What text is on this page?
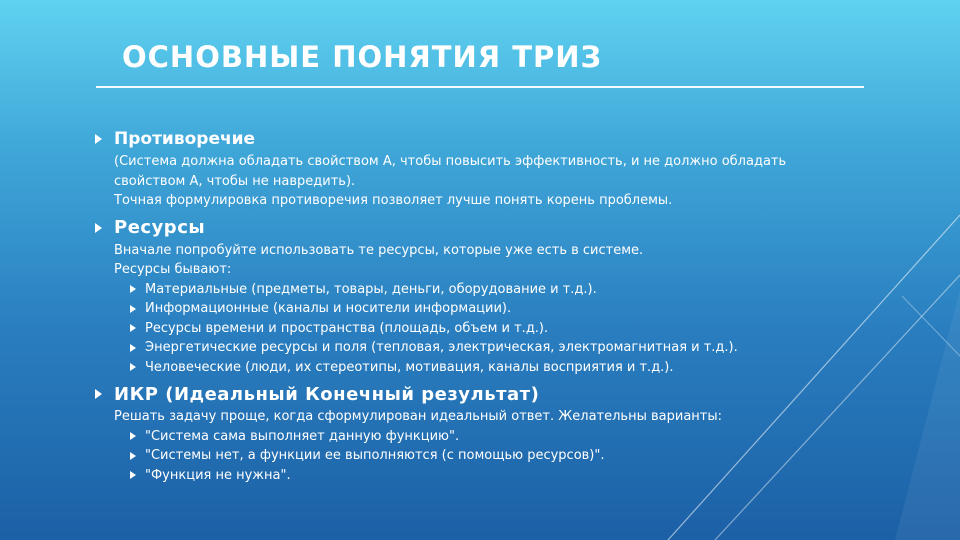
ОСНОВНЫЕ ПОНЯТИЯ ТРИЗ
Противоречие
(Система должна обладать свойством А, чтобы повысить эффективность, и не должно обладать
свойством А, чтобы не навредить).
Точная формулировка противоречия позволяет лучше понять корень проблемы.
Ресурсы
Вначале попробуйте использовать те ресурсы, которые уже есть в системе.
Ресурсы бывают:
Материальные (предметы, товары, деньги, оборудование и т.д.).
Информационные (каналы и носители информации).
Ресурсы времени и пространства (площадь, объем и т.д.).
Энергетические ресурсы и поля (тепловая, электрическая, электромагнитная и т.д.).
Человеческие (люди, их стереотипы, мотивация, каналы восприятия и т.д.).
ИКР (Идеальный Конечный результат)
Решать задачу проще, когда сформулирован идеальный ответ. Желательны варианты:
"Система сама выполняет данную функцию".
"Системы нет, а функции ее выполняются (с помощью ресурсов)".
"Функция не нужна".
